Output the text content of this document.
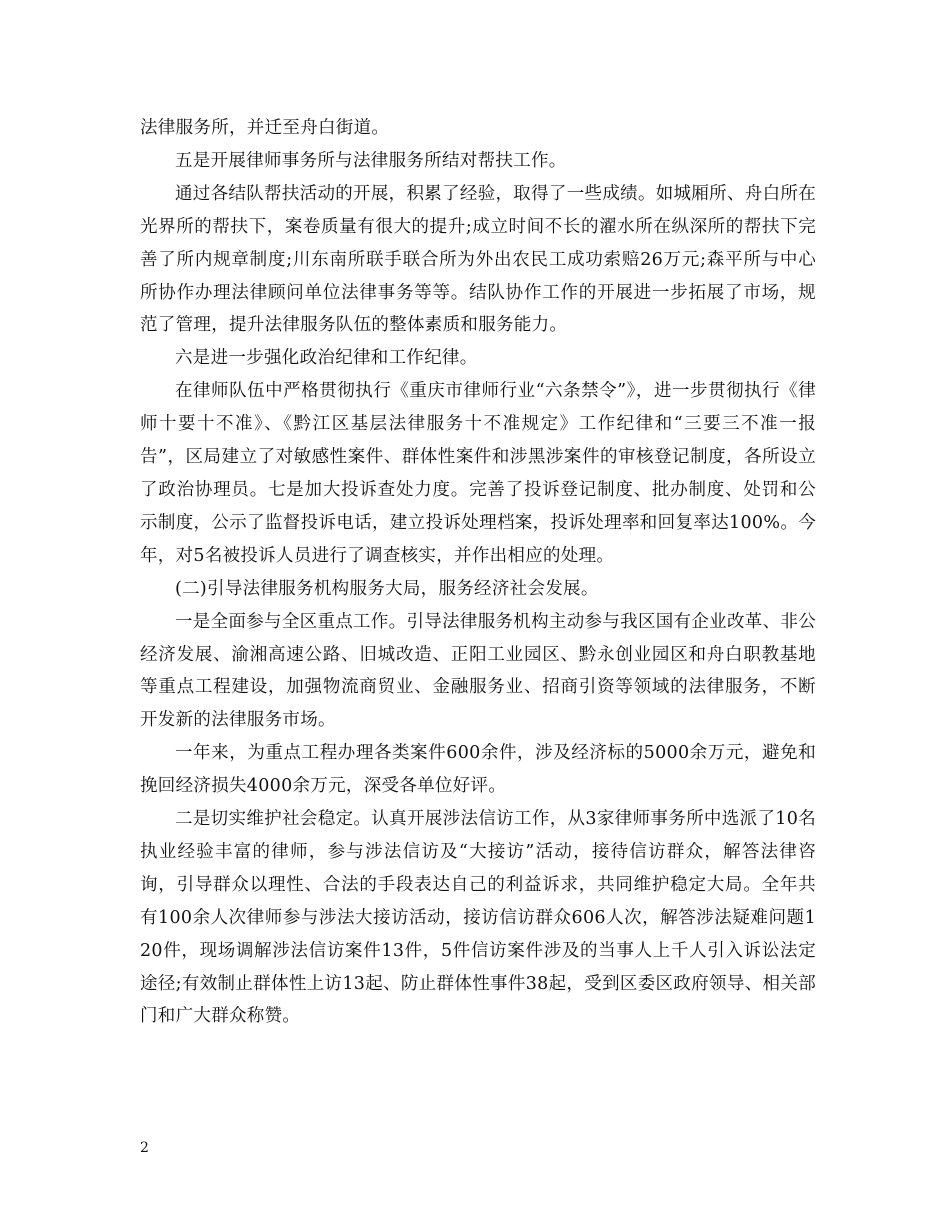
法律服务所，并迁至舟白街道。

五是开展律师事务所与法律服务所结对帮扶工作。

通过各结队帮扶活动的开展，积累了经验，取得了一些成绩。如城厢所、舟白所在光界所的帮扶下，案卷质量有很大的提升;成立时间不长的濯水所在纵深所的帮扶下完善了所内规章制度;川东南所联手联合所为外出农民工成功索赔26万元;森平所与中心所协作办理法律顾问单位法律事务等等。结队协作工作的开展进一步拓展了市场，规范了管理，提升法律服务队伍的整体素质和服务能力。

六是进一步强化政治纪律和工作纪律。

在律师队伍中严格贯彻执行《重庆市律师行业“六条禁令”》，进一步贯彻执行《律师十要十不准》、《黔江区基层法律服务十不准规定》工作纪律和“三要三不准一报告”，区局建立了对敏感性案件、群体性案件和涉黑涉案件的审核登记制度，各所设立了政治协理员。七是加大投诉查处力度。完善了投诉登记制度、批办制度、处罚和公示制度，公示了监督投诉电话，建立投诉处理档案，投诉处理率和回复率达100%。今年，对5名被投诉人员进行了调查核实，并作出相应的处理。

(二)引导法律服务机构服务大局，服务经济社会发展。

一是全面参与全区重点工作。引导法律服务机构主动参与我区国有企业改革、非公经济发展、渝湘高速公路、旧城改造、正阳工业园区、黔永创业园区和舟白职教基地等重点工程建设，加强物流商贸业、金融服务业、招商引资等领域的法律服务，不断开发新的法律服务市场。

一年来，为重点工程办理各类案件600余件，涉及经济标的5000余万元，避免和挽回经济损失4000余万元，深受各单位好评。

二是切实维护社会稳定。认真开展涉法信访工作，从3家律师事务所中选派了10名执业经验丰富的律师，参与涉法信访及“大接访”活动，接待信访群众，解答法律咨询，引导群众以理性、合法的手段表达自己的利益诉求，共同维护稳定大局。全年共有100余人次律师参与涉法大接访活动，接访信访群众606人次，解答涉法疑难问题120件，现场调解涉法信访案件13件，5件信访案件涉及的当事人上千人引入诉讼法定途径;有效制止群体性上访13起、防止群体性事件38起，受到区委区政府领导、相关部门和广大群众称赞。

2
